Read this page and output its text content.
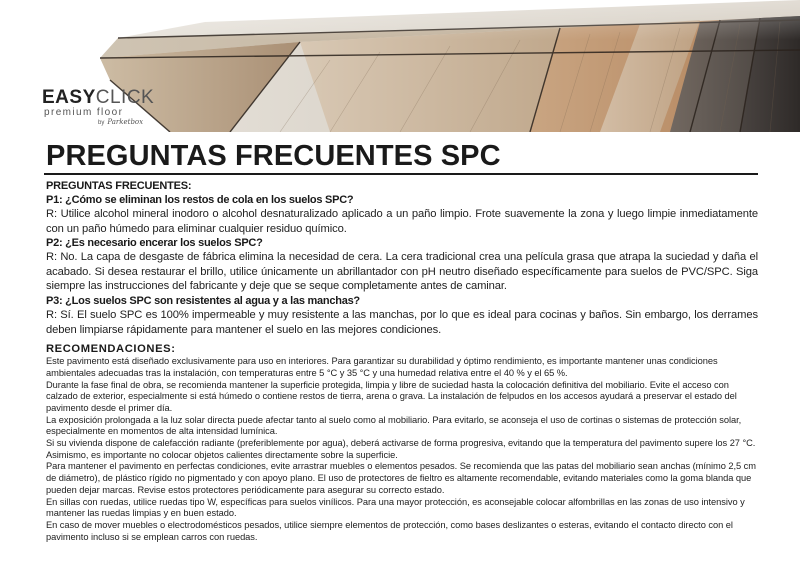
EASYCLICK
premium floor
by Parketbox
PREGUNTAS FRECUENTES SPC
PREGUNTAS FRECUENTES:
P1: ¿Cómo se eliminan los restos de cola en los suelos SPC?
R: Utilice alcohol mineral inodoro o alcohol desnaturalizado aplicado a un paño limpio. Frote suavemente la zona y luego limpie inmediatamente con un paño húmedo para eliminar cualquier residuo químico.
P2: ¿Es necesario encerar los suelos SPC?
R: No. La capa de desgaste de fábrica elimina la necesidad de cera. La cera tradicional crea una película grasa que atrapa la suciedad y daña el acabado. Si desea restaurar el brillo, utilice únicamente un abrillantador con pH neutro diseñado específicamente para suelos de PVC/SPC. Siga siempre las instrucciones del fabricante y deje que se seque completamente antes de caminar.
P3: ¿Los suelos SPC son resistentes al agua y a las manchas?
R: Sí. El suelo SPC es 100% impermeable y muy resistente a las manchas, por lo que es ideal para cocinas y baños. Sin embargo, los derrames deben limpiarse rápidamente para mantener el suelo en las mejores condiciones.
RECOMENDACIONES:
Este pavimento está diseñado exclusivamente para uso en interiores. Para garantizar su durabilidad y óptimo rendimiento, es importante mantener unas condiciones ambientales adecuadas tras la instalación, con temperaturas entre 5 °C y 35 °C y una humedad relativa entre el 40 % y el 65 %.
Durante la fase final de obra, se recomienda mantener la superficie protegida, limpia y libre de suciedad hasta la colocación definitiva del mobiliario. Evite el acceso con calzado de exterior, especialmente si está húmedo o contiene restos de tierra, arena o grava. La instalación de felpudos en los accesos ayudará a preservar el estado del pavimento desde el primer día.
La exposición prolongada a la luz solar directa puede afectar tanto al suelo como al mobiliario. Para evitarlo, se aconseja el uso de cortinas o sistemas de protección solar, especialmente en momentos de alta intensidad lumínica.
Si su vivienda dispone de calefacción radiante (preferiblemente por agua), deberá activarse de forma progresiva, evitando que la temperatura del pavimento supere los 27 °C. Asimismo, es importante no colocar objetos calientes directamente sobre la superficie.
Para mantener el pavimento en perfectas condiciones, evite arrastrar muebles o elementos pesados. Se recomienda que las patas del mobiliario sean anchas (mínimo 2,5 cm de diámetro), de plástico rígido no pigmentado y con apoyo plano. El uso de protectores de fieltro es altamente recomendable, evitando materiales como la goma blanda que pueden dejar marcas. Revise estos protectores periódicamente para asegurar su correcto estado.
En sillas con ruedas, utilice ruedas tipo W, específicas para suelos vinílicos. Para una mayor protección, es aconsejable colocar alfombrillas en las zonas de uso intensivo y mantener las ruedas limpias y en buen estado.
En caso de mover muebles o electrodomésticos pesados, utilice siempre elementos de protección, como bases deslizantes o esteras, evitando el contacto directo con el pavimento incluso si se emplean carros con ruedas.
